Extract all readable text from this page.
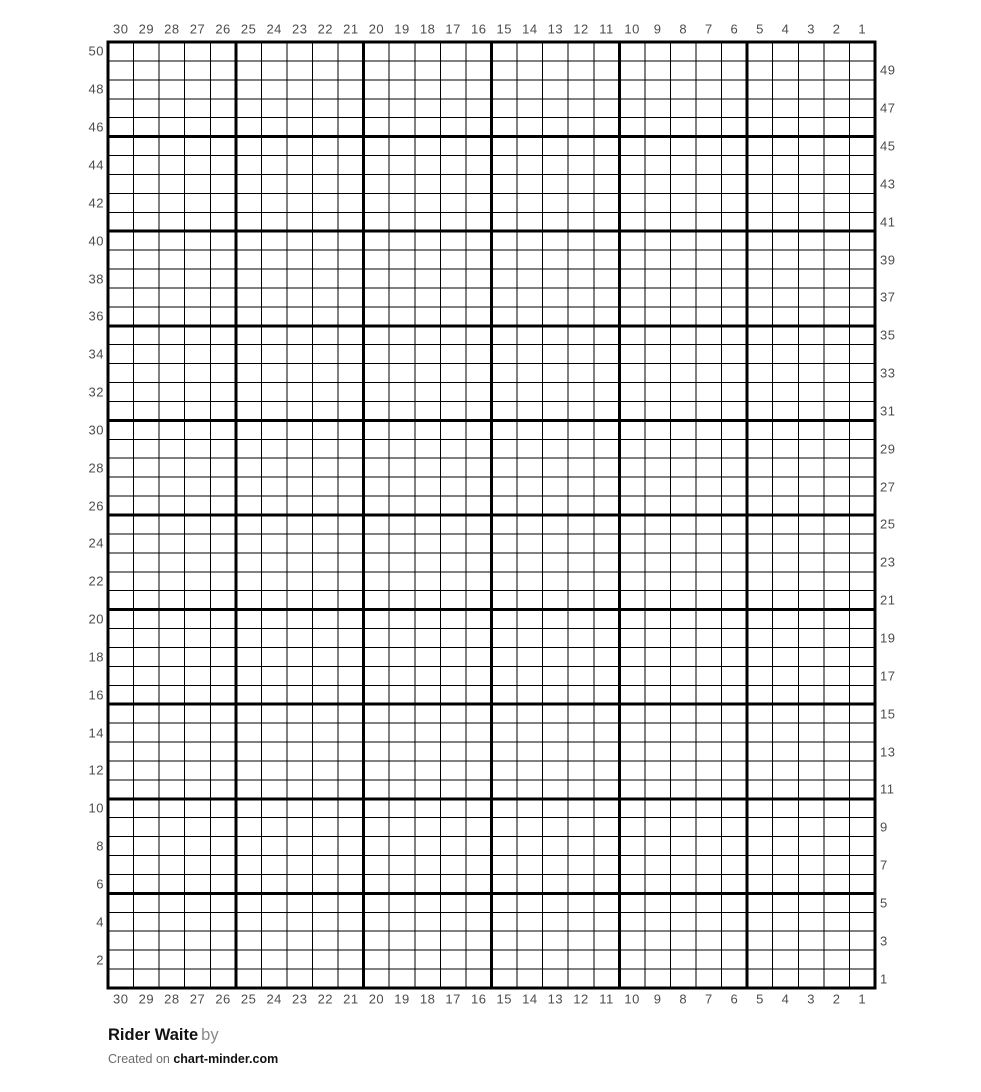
30 29 28 27 26 25 24 23 22 21 20 19 18 17 16 15 14 13 12 11 10 9 8 7 6 5 4 3 2 1
30 29 28 27 26 25 24 23 22 21 20 19 18 17 16 15 14 13 12 11 10 9 8 7 6 5 4 3 2 1
50
48
46
44
42
40
38
36
34
32
30
28
26
24
22
20
18
16
14
12
10
8
6
4
2
49
47
45
43
41
39
37
35
33
31
29
27
25
23
21
19
17
15
13
11
9
7
5
3
1
Rider Waite by
Created on chart-minder.com
